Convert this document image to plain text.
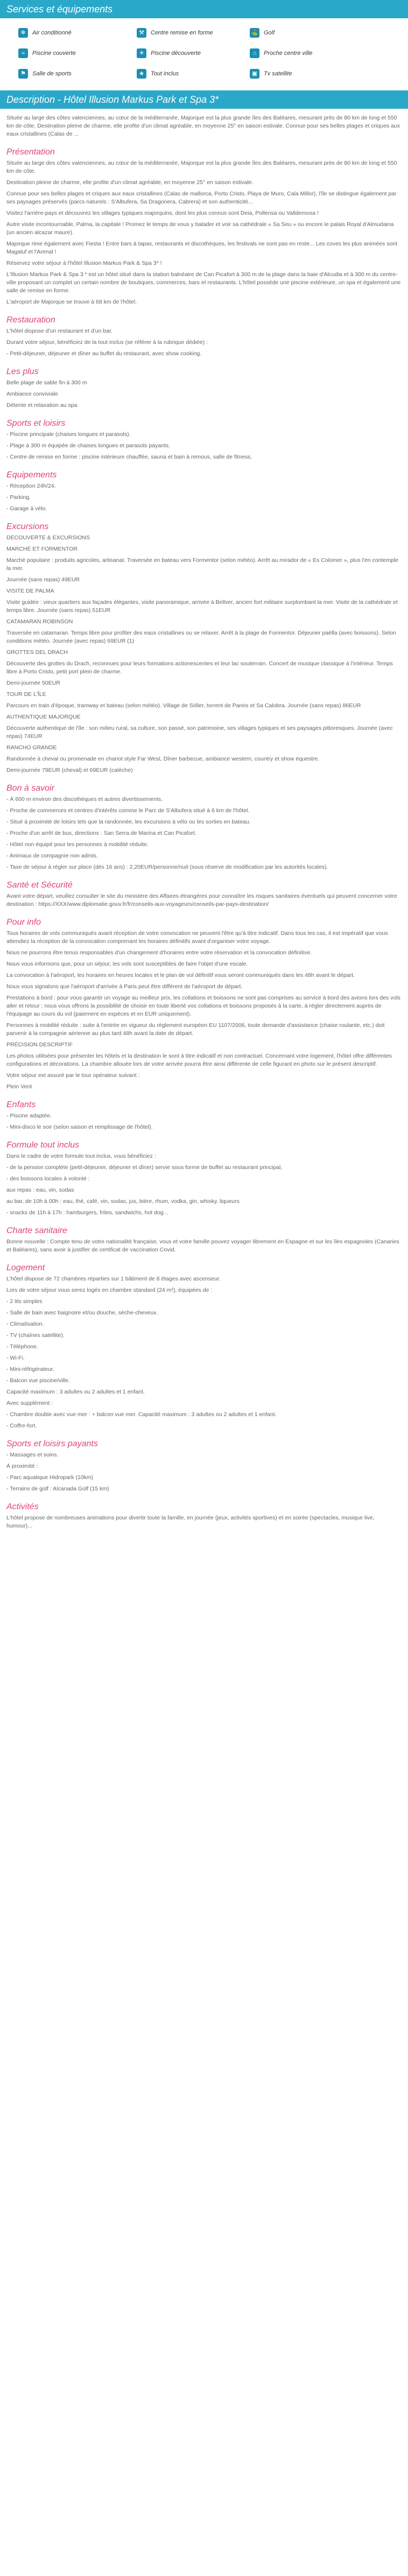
Services et équipements
❄	Air conditionné	⚒	Centre remise en forme	⛳ Golf
≈	Piscine couverte	☀	Piscine découverte	⌂	Proche centre ville
⚑	Salle de sports	★	Tout inclus	▣	Tv satellite
Description - Hôtel Illusion Markus Park et Spa 3*

Située au large des côtes valenciennes, au cœur de la méditerranée, Majorque est la plus grande îles des Baléares, mesurant près de 80 km de long et 550 km de côte. Destination pleine de charme, elle profite d'un climat agréable, en moyenne 25° en saison estivale. Connue pour ses belles plages et criques aux eaux cristallines (Calas de ...

Présentation

Située au large des côtes valenciennes, au cœur de la méditerranée, Majorque est la plus grande îles des Baléares, mesurant près de 80 km de long et 550 km de côte.

Destination pleine de charme, elle profite d'un climat agréable, en moyenne 25° en saison estivale.

Connue pour ses belles plages et criques aux eaux cristallines (Calas de mallorca, Porto Cristo, Playa de Muro, Cala Millor), l'île se distingue également par ses paysages préservés (parcs naturels : S'Albufera, Sa Dragonera, Cabrera) et son authenticité...

Visitez l'arrière-pays et découvrez les villages typiques majorquins, dont les plus connus sont Deia, Pollensa ou Valldemosa !

Autre visite incontournable, Palma, la capitale ! Promez le temps de vous y balader et voir sa cathédrale « Sa Seu » ou encore le palais Royal d'Almudaina (un ancien alcazar maure).

Majorque rime également avec Fiesta ! Entre bars à tapas, restaurants et discothèques, les festivals ne sont pas en reste... Les coves les plus animées sont Magaluf et l'Arenal !

Réservez votre séjour à l'hôtel Illusion Markus Park & Spa 3* !

L'Illusion Markus Park & Spa 3 * est un hôtel situé dans la station balnéaire de Can Picafort à 300 m de la plage dans la baie d'Alcudia et à 300 m du centre-ville proposant un complet un certain nombre de boutiques, commerces, bars et restaurants. L'hôtel possède une piscine extérieure, un spa et également une salle de remise en forme.

L'aéroport de Majorque se trouve à 68 km de l'hôtel.

Restauration

L'hôtel dispose d'un restaurant et d'un bar.

Durant votre séjour, bénéficiez de la tout inclus (se référer à la rubrique dédiée) :

- Petit-déjeuner, déjeuner et dîner au buffet du restaurant, avec show cooking.

Les plus

Belle plage de sable fin à 300 m

Ambiance conviviale

Détente et relaxation au spa

Sports et loisirs

- Piscine principale (chaises longues et parasols).

- Plage à 300 m équipée de chaises longues et parasols payants.

- Centre de remise en forme : piscine intérieure chauffée, sauna et bain à remous, salle de fitness.

Equipements

- Réception 24h/24.

- Parking.

- Garage à vélo.

Excursions

DECOUVERTE & EXCURSIONS

MARCHÉ ET FORMENTOR

Marché populaire : produits agricoles, artisanat. Traversée en bateau vers Formentor (selon météo). Arrêt au mirador de « Es Colomer », plus l'en contemple la mer.

Journée (sans repas) 49EUR

VISITE DE PALMA

Visite guidée : vieux quartiers aux façades élégantes, visite panoramique, arrivée à Bellver, ancien fort militaire surplombant la mer. Visite de la cathédrale et temps libre. Journée (sans repas) 51EUR

CATAMARAN ROBINSON

Traversée en catamaran. Temps libre pour profiter des eaux cristallines ou se relaxer. Arrêt à la plage de Formentor. Déjeuner paëlla (avec boissons). Selon conditions météo. Journée (avec repas) 69EUR (1)

GROTTES DEL DRACH

Découverte des grottes du Drach, reconnues pour leurs formations actionescentes et leur lac souterrain. Concert de musique classique à l'intérieur. Temps libre à Porto Cristo, petit port plein de charme.

Demi-journée 50EUR

TOUR DE L'ÎLE

Parcours en train d'époque, tramway et bateau (selon météo). Village de Sóller, torrent de Pareis et Sa Calobra. Journée (sans repas) 86EUR

AUTHENTIQUE MAJORQUE

Découverte authentique de l'île : son milieu rural, sa culture, son passé, son patrimoine, ses villages typiques et ses paysages pittoresques. Journée (avec repas) 74EUR

RANCHO GRANDE

Randonnée à cheval ou promenade en chariot style Far West, Dîner barbecue, ambiance western, country et show équestre.

Demi-journée 79EUR (cheval) et 69EUR (calèche)

Bon à savoir

- À 600 m environ des discothèques et autres divertissements.

- Proche de commerces et centres d'intérêts comme le Parc de S'Albufera situé à 6 km de l'hôtel.

- Situé à proximité de loisirs tels que la randonnée, les excursions à vélo ou les sorties en bateau.

- Proche d'un arrêt de bus, directions : San Serra de Marina et Can Picafort.

- Hôtel non équipé pour les personnes à mobilité réduite.

- Animaux de compagnie non admis.

- Taxe de séjour à régler sur place (dès 16 ans) : 2,20EUR/personne/nuit (sous réserve de modification par les autorités locales).

Santé et Sécurité

Avant votre départ, veuillez consulter le site du ministère des Affaires étrangères pour connaître les risques sanitaires éventuels qui peuvent concerner votre destination : https://XXX/www.diplomatie.gouv.fr/fr/conseils-aux-voyageurs/conseils-par-pays-destination/

Pour info

Tous horaires de vols communiqués avant réception de votre convocation ne peuvent l'être qu'à titre indicatif. Dans tous les cas, il est impératif que vous attendiez la réception de la convocation comprenant les horaires définitifs avant d'organiser votre voyage.

Nous ne pourrons être tenus responsables d'un changement d'horaires entre votre réservation et la convocation définitive.

Nous vous informons que, pour un séjour, les vols sont susceptibles de faire l'objet d'une escale.

La convocation à l'aéroport, les horaires en heures locales et le plan de vol définitif vous seront communiqués dans les 48h avant le départ.

Nous vous signalons que l'aéroport d'arrivée à Paris peut être différent de l'aéroport de départ.

Prestations à bord : pour vous garantir un voyage au meilleur prix, les collations et boissons ne sont pas comprises au service à bord des avions lors des vols aller et retour ; nous vous offrons la possibilité de choisir en toute liberté vos collations et boissons proposés à la carte, à régler directement auprès de l'équipage au cours du vol (paiement en espèces et en EUR uniquement).

Personnes à mobilité réduite : suite à l'entrée en vigueur du règlement européen EU 1107/2006, toute demande d'assistance (chaise roulante, etc.) doit parvenir à la compagnie aérienne au plus tard 48h avant la date de départ.

PRÉCISION DESCRIPTIF

Les photos utilisées pour présenter les hôtels et la destination le sont à titre indicatif et non contractuel. Concernant votre logement, l'hôtel offre différentes configurations et décorations. La chambre allouée lors de votre arrivée pourra être ainsi différente de celle figurant en photo sur le présent descriptif.

Votre séjour est assuré par le tour opérateur suivant :

Plein Vent

Enfants

- Piscine adaptée.

- Mini-disco le soir (selon saison et remplissage de l'hôtel).

Formule tout inclus

Dans le cadre de votre formule tout inclus, vous bénéficiez :

- de la pension complète (petit-déjeuner, déjeuner et dîner) servie sous forme de buffet au restaurant principal,

- des boissons locales à volonté :

aux repas : eau, vin, sodas

au bar, de 10h à 00h : eau, thé, café, vin, sodas, jus, bière, rhum, vodka, gin, whisky, liqueurs

- snacks de 11h à 17h : hamburgers, frites, sandwichs, hot dog...

Charte sanitaire

Bonne nouvelle : Compte tenu de votre nationalité française, vous et votre famille pouvez voyager librement en Espagne et sur les îles espagnoles (Canaries et Baléares), sans avoir à justifier de certificat de vaccination Covid.

Logement

L'hôtel dispose de 72 chambres réparties sur 1 bâtiment de 8 étages avec ascenseur.

Lors de votre séjour vous serez logés en chambre standard (24 m²), équipées de :

- 2 lits simples

- Salle de bain avec baignoire et/ou douche, sèche-cheveux.

- Climatisation.

- TV (chaînes satellite).

- Téléphone.

- Wi-Fi.

- Mini-réfrigérateur.

- Balcon vue piscine/ville.

Capacité maximum : 3 adultes ou 2 adultes et 1 enfant.

Avec supplément :

- Chambre double avec vue mer : + balcon vue mer. Capacité maximum : 3 adultes ou 2 adultes et 1 enfant.

- Coffre-fort.

Sports et loisirs payants

- Massages et soins.

À proximité :

- Parc aquatique Hidropark (10km)

- Terrains de golf : Alcanada Golf (15 km)

Activités

L'hôtel propose de nombreuses animations pour divertir toute la famille, en journée (jeux, activités sportives) et en soirée (spectacles, musique live, humour)...
